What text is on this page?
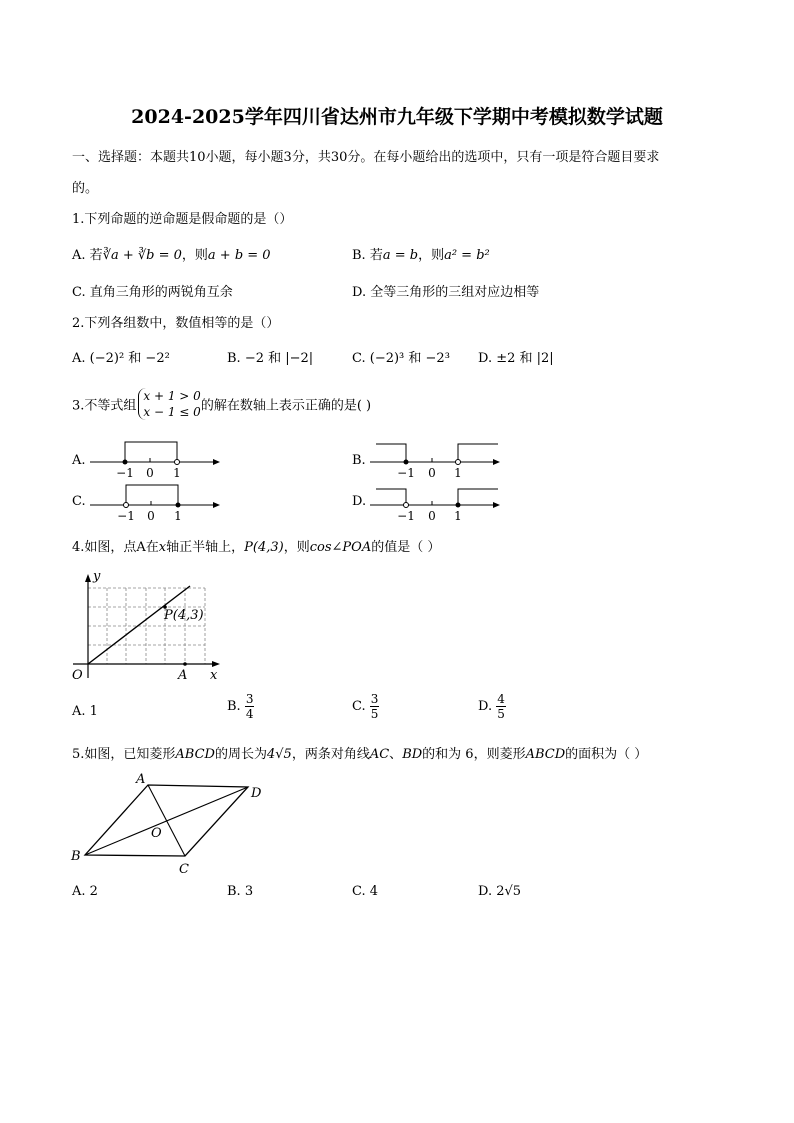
2024-2025学年四川省达州市九年级下学期中考模拟数学试题
一、选择题：本题共10小题，每小题3分，共30分。在每小题给出的选项中，只有一项是符合题目要求
的。
1.下列命题的逆命题是假命题的是（）
A. 若∛a + ∛b = 0，则a + b = 0	B. 若a = b，则a² = b²
C. 直角三角形的两锐角互余	D. 全等三角形的三组对应边相等
2.下列各组数中，数值相等的是（）
A. (−2)² 和 −2²	B. −2 和 |−2|	C. (−2)³ 和 −2³ D. ±2 和 |2|
3.不等式组
x + 1 > 0
x − 1 ≤ 0 的解在数轴上表示正确的是( )
A.
−1 0 1
B.
−1 0 1
C.
−1 0 1
D.
−1 0 1
4.如图，点A在x轴正半轴上，P(4,3)，则cos∠POA的值是（ ）
y
x
O	A
P(4,3)
A. 1	B. $\frac{3}{4}$	C. $\frac{3}{5}$	D. $\frac{4}{5}$
5.如图，已知菱形ABCD的周长为4√5，两条对角线AC、BD的和为 6，则菱形ABCD的面积为（ ）
A
D
B
C
O
A. 2	B. 3	C. 4	D. 2√5
